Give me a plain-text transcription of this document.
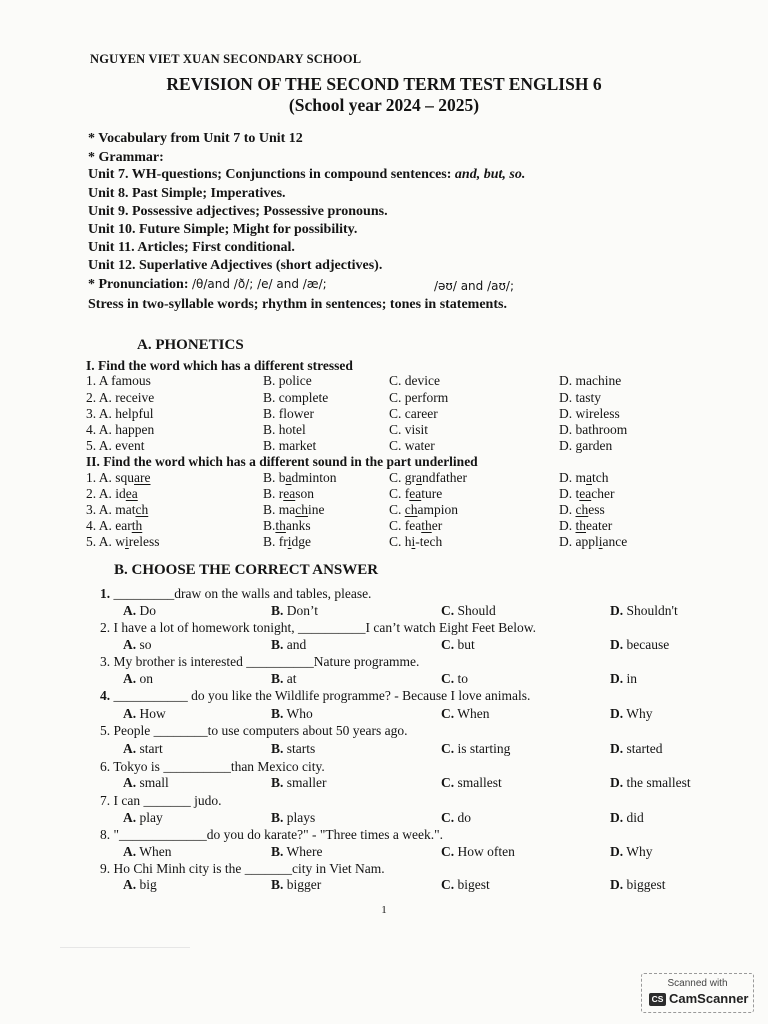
NGUYEN VIET XUAN SECONDARY SCHOOL
REVISION OF THE SECOND TERM TEST ENGLISH 6
(School year 2024 – 2025)
* Vocabulary from Unit 7 to Unit 12
* Grammar:
Unit 7. WH-questions; Conjunctions in compound sentences: and, but, so.
Unit 8. Past Simple; Imperatives.
Unit 9. Possessive adjectives; Possessive pronouns.
Unit 10. Future Simple; Might for possibility.
Unit 11. Articles; First conditional.
Unit 12. Superlative Adjectives (short adjectives).
* Pronunciation: /θ/and /ð/; /e/ and /æ/;	/əʊ/ and /aʊ/;
Stress in two-syllable words; rhythm in sentences; tones in statements.
A. PHONETICS
I. Find the word which has a different stressed
1. A famous	B. police	C. device	D. machine
2. A. receive	B. complete	C. perform	D. tasty
3. A. helpful	B. flower	C. career	D. wireless
4. A. happen	B. hotel	C. visit	D. bathroom
5. A. event	B. market	C. water	D. garden
II. Find the word which has a different sound in the part underlined
1. A. square	B. badminton	C. grandfather	D. match
2. A. idea	B. reason	C. feature	D. teacher
3. A. match	B. machine	C. champion	D. chess
4. A. earth	B.thanks	C. feather	D. theater
5. A. wireless	B. fridge	C. hi-tech	D. appliance
B. CHOOSE THE CORRECT ANSWER
1. _________draw on the walls and tables, please.
A. Do	B. Don’t	C. Should	D. Shouldn't
2. I have a lot of homework tonight, __________I can’t watch Eight Feet Below.
A. so	B. and	C. but	D. because
3. My brother is interested __________Nature programme.
A. on	B. at	C. to	D. in
4. ___________ do you like the Wildlife programme? - Because I love animals.
A. How	B. Who	C. When	D. Why
5. People ________to use computers about 50 years ago.
A. start	B. starts	C. is starting	D. started
6. Tokyo is __________than Mexico city.
A. small	B. smaller	C. smallest	D. the smallest
7. I can _______ judo.
A. play	B. plays	C. do	D. did
8. "_____________do you do karate?" - "Three times a week.".
A. When	B. Where	C. How often	D. Why
9. Ho Chi Minh city is the _______city in Viet Nam.
A. big	B. bigger	C. bigest	D. biggest
1
Scanned with
CS CamScanner
